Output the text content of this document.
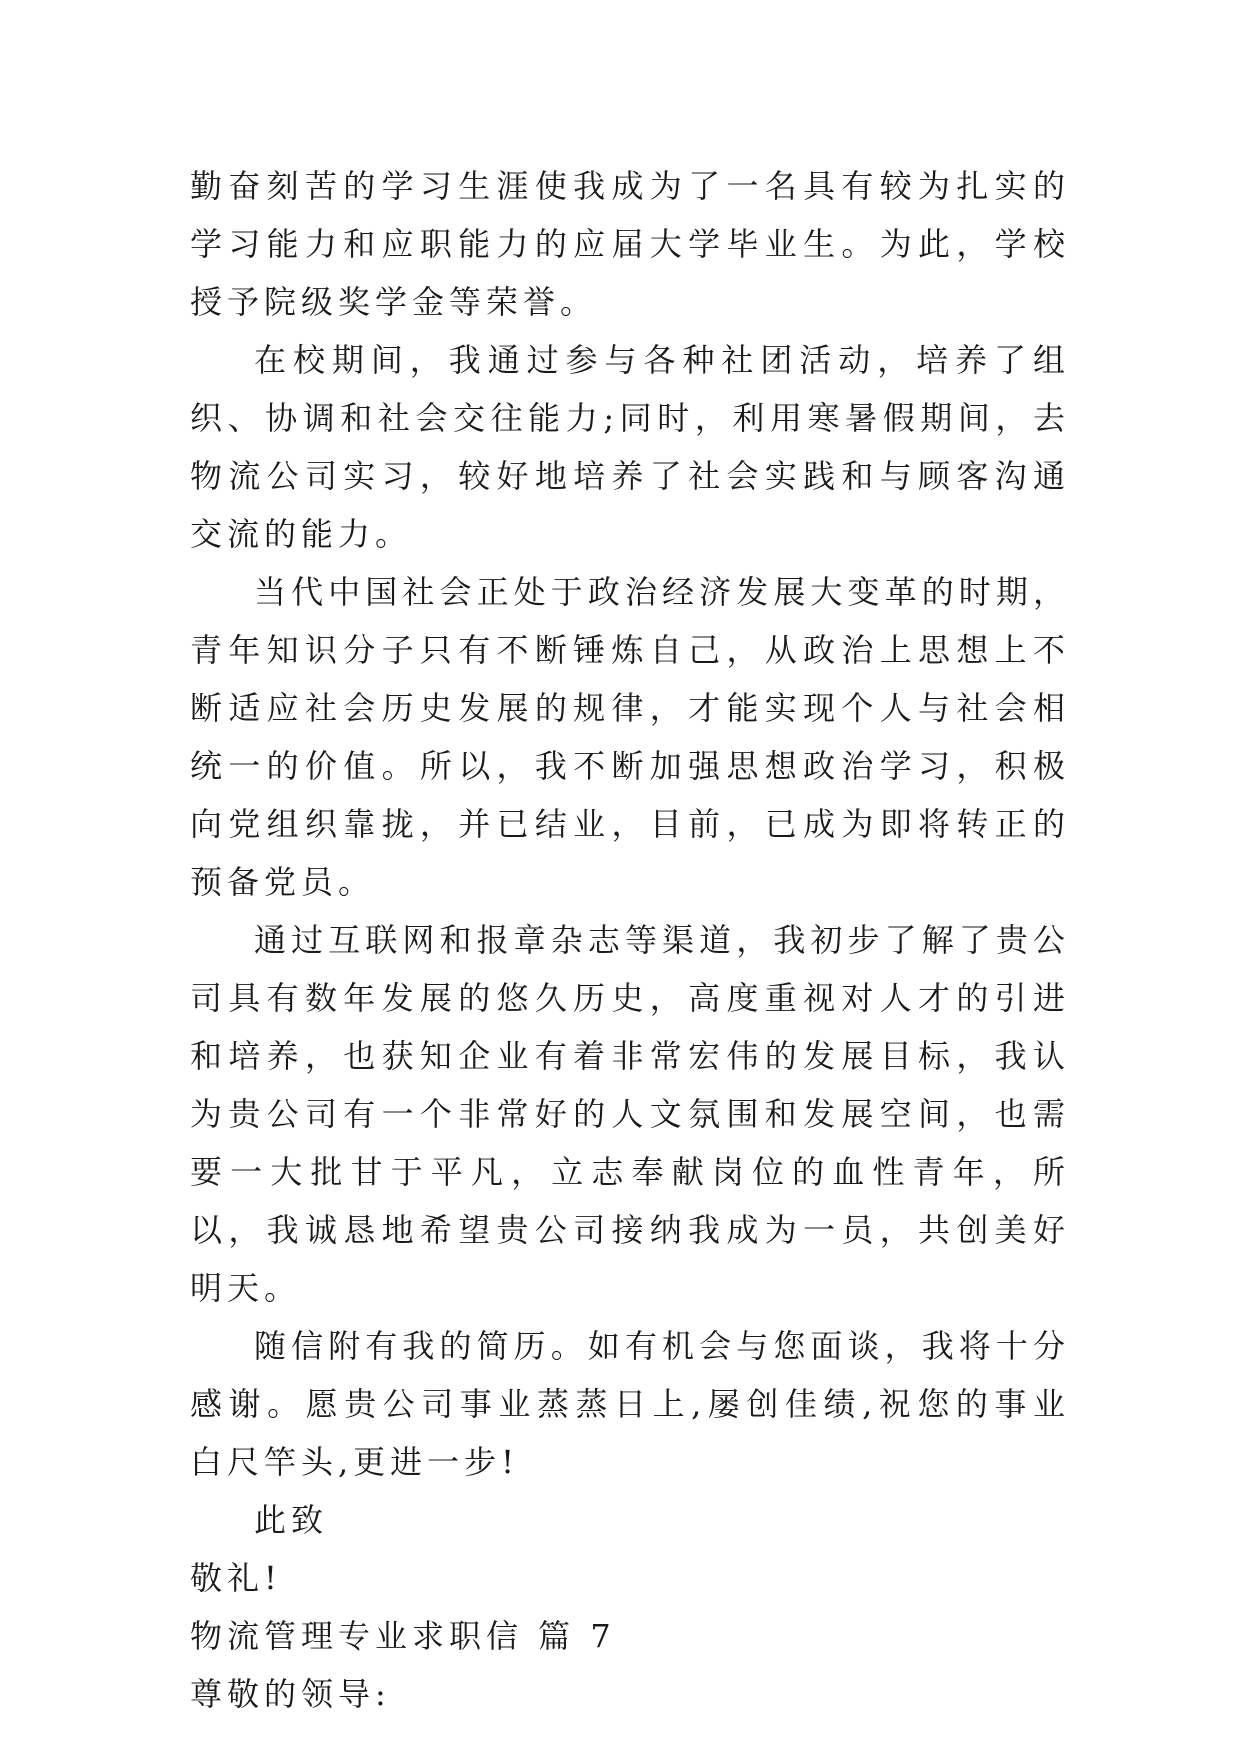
勤奋刻苦的学习生涯使我成为了一名具有较为扎实的学习能力和应职能力的应届大学毕业生。为此，学校授予院级奖学金等荣誉。

在校期间，我通过参与各种社团活动，培养了组织、协调和社会交往能力;同时，利用寒暑假期间，去物流公司实习，较好地培养了社会实践和与顾客沟通交流的能力。

当代中国社会正处于政治经济发展大变革的时期，青年知识分子只有不断锤炼自己，从政治上思想上不断适应社会历史发展的规律，才能实现个人与社会相统一的价值。所以，我不断加强思想政治学习，积极向党组织靠拢，并已结业，目前，已成为即将转正的预备党员。

通过互联网和报章杂志等渠道，我初步了解了贵公司具有数年发展的悠久历史，高度重视对人才的引进和培养，也获知企业有着非常宏伟的发展目标，我认为贵公司有一个非常好的人文氛围和发展空间，也需要一大批甘于平凡，立志奉献岗位的血性青年，所以，我诚恳地希望贵公司接纳我成为一员，共创美好明天。

随信附有我的简历。如有机会与您面谈，我将十分感谢。愿贵公司事业蒸蒸日上,屡创佳绩,祝您的事业白尺竿头,更进一步!

此致

敬礼!

物流管理专业求职信 篇 7

尊敬的领导:
